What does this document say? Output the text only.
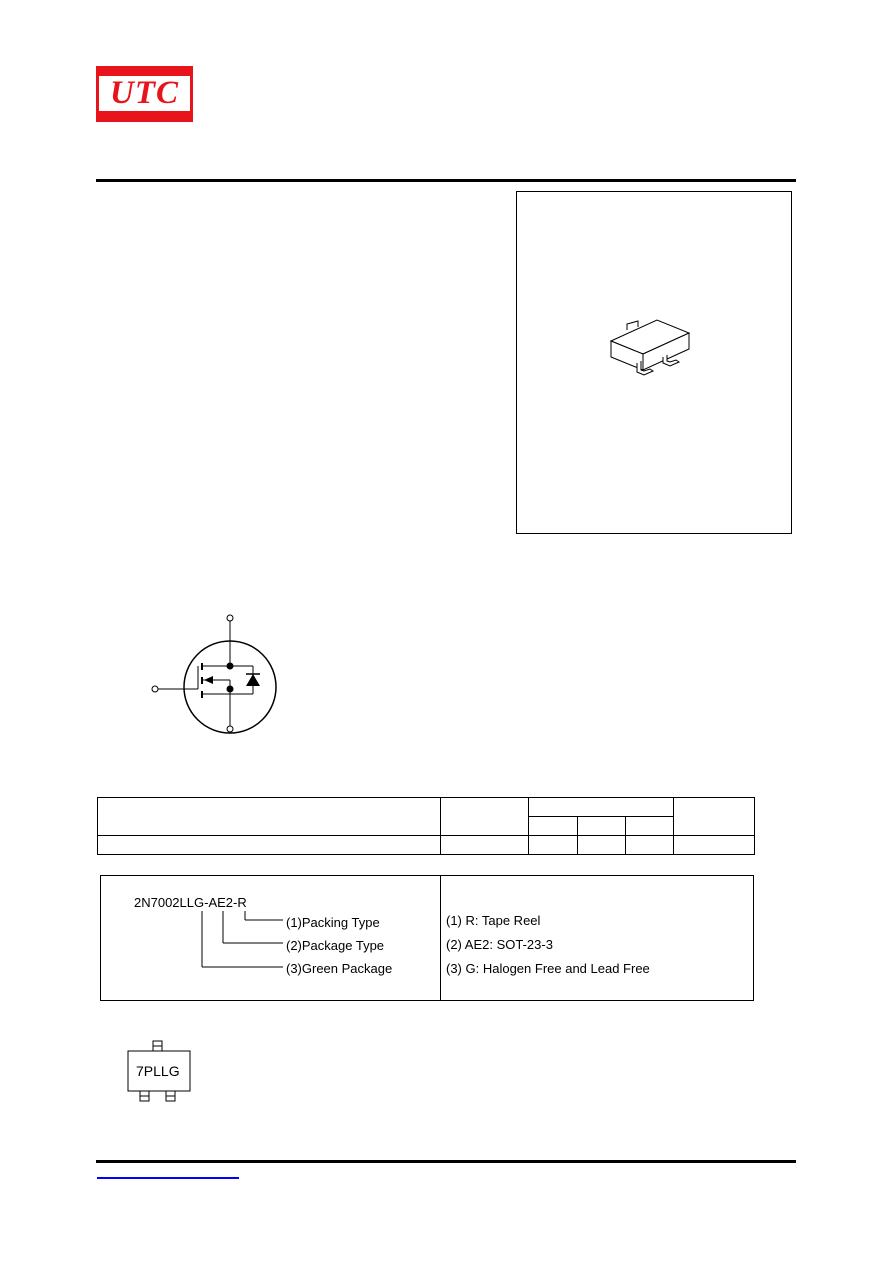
UTC

2N7002LLG-AE2-R
(1)Packing Type
(2)Package Type
(3)Green Package
(1) R: Tape Reel
(2) AE2: SOT-23-3
(3) G: Halogen Free and Lead Free
7PLLG
